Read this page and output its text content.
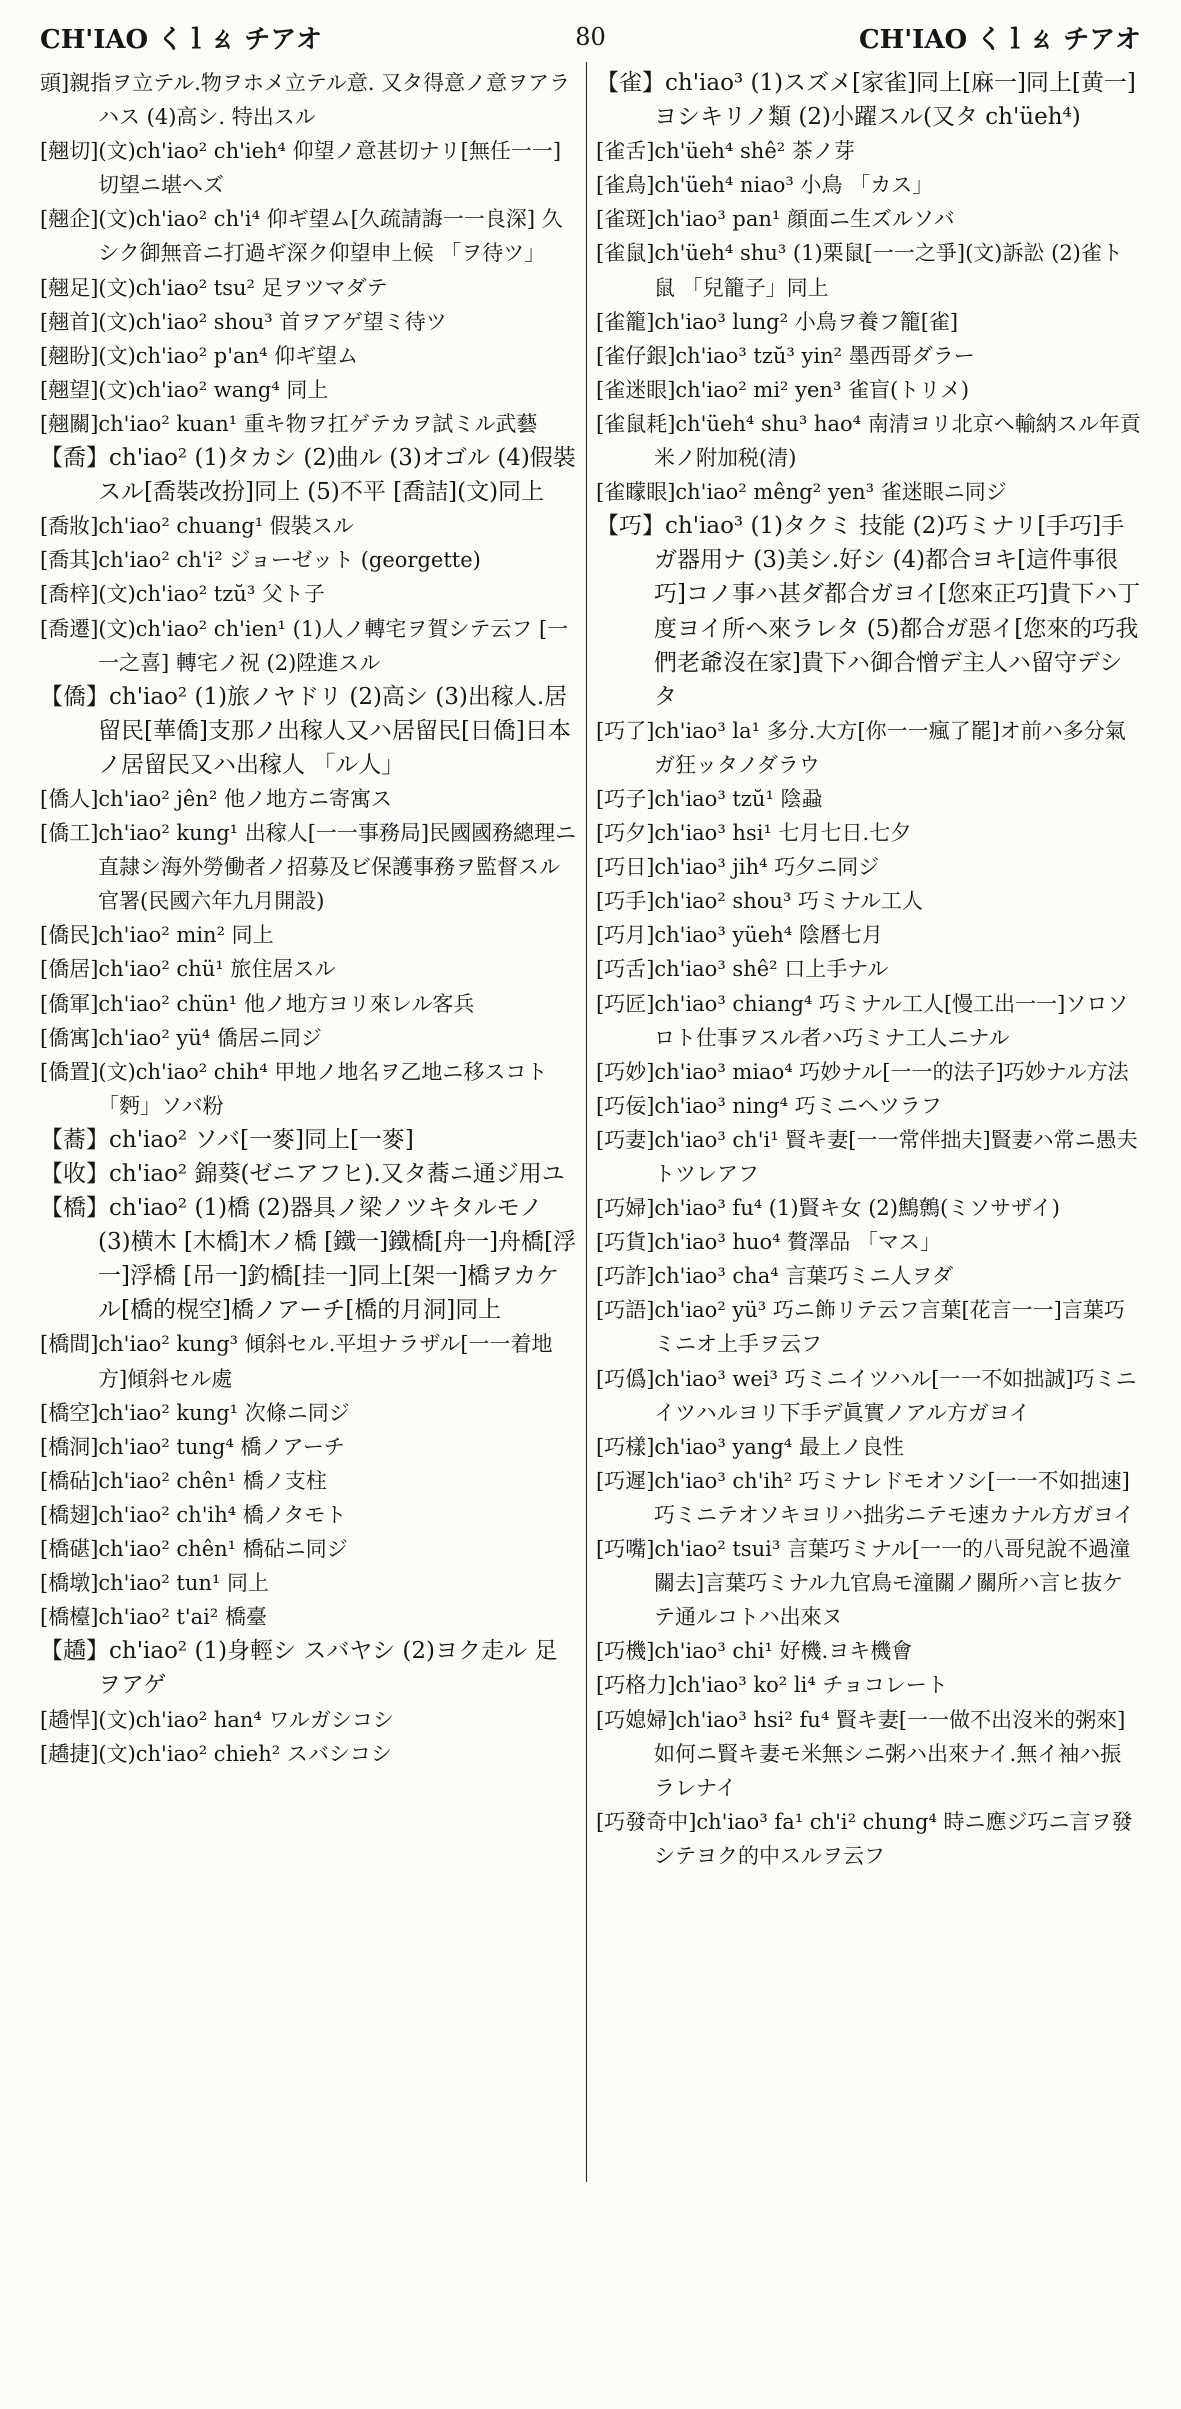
CH'IAO くｌㄠ チアオ	80	CH'IAO くｌㄠ チアオ

頭]親指ヲ立テル.物ヲホメ立テル意. 又タ得意ノ意ヲアラハス (4)高シ. 特出スル

[翹切](文)ch'iao² ch'ieh⁴ 仰望ノ意甚切ナリ[無任一一]切望ニ堪ヘズ

[翹企](文)ch'iao² ch'i⁴ 仰ギ望ム[久疏請誨一一良深] 久シク御無音ニ打過ギ深ク仰望申上候 「ヲ待ツ」

[翹足](文)ch'iao² tsu² 足ヲツマダテ

[翹首](文)ch'iao² shou³ 首ヲアゲ望ミ待ツ

[翹盼](文)ch'iao² p'an⁴ 仰ギ望ム

[翹望](文)ch'iao² wang⁴ 同上

[翹關]ch'iao² kuan¹ 重キ物ヲ扛ゲテカヲ試ミル武藝

【喬】ch'iao² (1)タカシ (2)曲ル (3)オゴル (4)假裝スル[喬裝改扮]同上 (5)不平 [喬詰](文)同上

[喬妝]ch'iao² chuang¹ 假裝スル

[喬其]ch'iao² ch'i² ジョーゼット (georgette)

[喬梓](文)ch'iao² tzŭ³ 父ト子

[喬遷](文)ch'iao² ch'ien¹ (1)人ノ轉宅ヲ賀シテ云フ [一一之喜] 轉宅ノ祝 (2)陞進スル

【僑】ch'iao² (1)旅ノヤドリ (2)高シ (3)出稼人.居留民[華僑]支那ノ出稼人又ハ居留民[日僑]日本ノ居留民又ハ出稼人 「ル人」

[僑人]ch'iao² jên² 他ノ地方ニ寄寓ス

[僑工]ch'iao² kung¹ 出稼人[一一事務局]民國國務總理ニ直隷シ海外勞働者ノ招募及ビ保護事務ヲ監督スル官署(民國六年九月開設)

[僑民]ch'iao² min² 同上

[僑居]ch'iao² chü¹ 旅住居スル

[僑軍]ch'iao² chün¹ 他ノ地方ヨリ來レル客兵

[僑寓]ch'iao² yü⁴ 僑居ニ同ジ

[僑置](文)ch'iao² chih⁴ 甲地ノ地名ヲ乙地ニ移スコト 「麪」ソバ粉

【蕎】ch'iao² ソバ[一麥]同上[一麥]

【收】ch'iao² 錦葵(ゼニアフヒ).又タ蕎ニ通ジ用ユ

【橋】ch'iao² (1)橋 (2)器具ノ梁ノツキタルモノ (3)横木 [木橋]木ノ橋 [鐵一]鐵橋[舟一]舟橋[浮一]浮橋 [吊一]釣橋[挂一]同上[架一]橋ヲカケル[橋的榥空]橋ノアーチ[橋的月洞]同上

[橋間]ch'iao² kung³ 傾斜セル.平坦ナラザル[一一着地方]傾斜セル處

[橋空]ch'iao² kung¹ 次條ニ同ジ

[橋洞]ch'iao² tung⁴ 橋ノアーチ

[橋砧]ch'iao² chên¹ 橋ノ支柱

[橋翅]ch'iao² ch'ih⁴ 橋ノタモト

[橋碪]ch'iao² chên¹ 橋砧ニ同ジ

[橋墩]ch'iao² tun¹ 同上

[橋檯]ch'iao² t'ai² 橋臺

【趫】ch'iao² (1)身輕シ スバヤシ (2)ヨク走ル 足ヲアゲ

[趫悍](文)ch'iao² han⁴ ワルガシコシ

[趫捷](文)ch'iao² chieh² スバシコシ

【雀】ch'iao³ (1)スズメ[家雀]同上[麻一]同上[黄一]ヨシキリノ類 (2)小躍スル(又タ ch'üeh⁴)

[雀舌]ch'üeh⁴ shê² 茶ノ芽

[雀鳥]ch'üeh⁴ niao³ 小鳥 「カス」

[雀斑]ch'iao³ pan¹ 顔面ニ生ズルソバ

[雀鼠]ch'üeh⁴ shu³ (1)栗鼠[一一之爭](文)訴訟 (2)雀ト鼠 「兒籠子」同上

[雀籠]ch'iao³ lung² 小鳥ヲ養フ籠[雀]

[雀仔銀]ch'iao³ tzŭ³ yin² 墨西哥ダラー

[雀迷眼]ch'iao² mi² yen³ 雀盲(トリメ)

[雀鼠耗]ch'üeh⁴ shu³ hao⁴ 南清ヨリ北京ヘ輸納スル年貢米ノ附加税(清)

[雀矇眼]ch'iao² mêng² yen³ 雀迷眼ニ同ジ

【巧】ch'iao³ (1)タクミ 技能 (2)巧ミナリ[手巧]手ガ器用ナ (3)美シ.好シ (4)都合ヨキ[這件事很巧]コノ事ハ甚ダ都合ガヨイ[您來正巧]貴下ハ丁度ヨイ所ヘ來ラレタ (5)都合ガ惡イ[您來的巧我們老爺沒在家]貴下ハ御合憎デ主人ハ留守デシタ

[巧了]ch'iao³ la¹ 多分.大方[你一一瘋了罷]オ前ハ多分氣ガ狂ッタノダラウ

[巧子]ch'iao³ tzŭ¹ 陰蝨

[巧夕]ch'iao³ hsi¹ 七月七日.七夕

[巧日]ch'iao³ jih⁴ 巧夕ニ同ジ

[巧手]ch'iao² shou³ 巧ミナル工人

[巧月]ch'iao³ yüeh⁴ 陰曆七月

[巧舌]ch'iao³ shê² 口上手ナル

[巧匠]ch'iao³ chiang⁴ 巧ミナル工人[慢工出一一]ソロソロト仕事ヲスル者ハ巧ミナ工人ニナル

[巧妙]ch'iao³ miao⁴ 巧妙ナル[一一的法子]巧妙ナル方法

[巧佞]ch'iao³ ning⁴ 巧ミニヘツラフ

[巧妻]ch'iao³ ch'i¹ 賢キ妻[一一常伴拙夫]賢妻ハ常ニ愚夫トツレアフ

[巧婦]ch'iao³ fu⁴ (1)賢キ女 (2)鷦鷯(ミソサザイ)

[巧貨]ch'iao³ huo⁴ 贅澤品 「マス」

[巧詐]ch'iao³ cha⁴ 言葉巧ミニ人ヲダ

[巧語]ch'iao² yü³ 巧ニ飾リテ云フ言葉[花言一一]言葉巧ミニオ上手ヲ云フ

[巧僞]ch'iao³ wei³ 巧ミニイツハル[一一不如拙誠]巧ミニイツハルヨリ下手デ眞實ノアル方ガヨイ

[巧樣]ch'iao³ yang⁴ 最上ノ良性

[巧遲]ch'iao³ ch'ih² 巧ミナレドモオソシ[一一不如拙速]巧ミニテオソキヨリハ拙劣ニテモ速カナル方ガヨイ

[巧嘴]ch'iao² tsui³ 言葉巧ミナル[一一的八哥兒說不過潼關去]言葉巧ミナル九官鳥モ潼關ノ關所ハ言ヒ抜ケテ通ルコトハ出來ヌ

[巧機]ch'iao³ chi¹ 好機.ヨキ機會

[巧格力]ch'iao³ ko² li⁴ チョコレート

[巧媳婦]ch'iao³ hsi² fu⁴ 賢キ妻[一一做不出沒米的粥來]如何ニ賢キ妻モ米無シニ粥ハ出來ナイ.無イ袖ハ振ラレナイ

[巧發奇中]ch'iao³ fa¹ ch'i² chung⁴ 時ニ應ジ巧ニ言ヲ發シテヨク的中スルヲ云フ
